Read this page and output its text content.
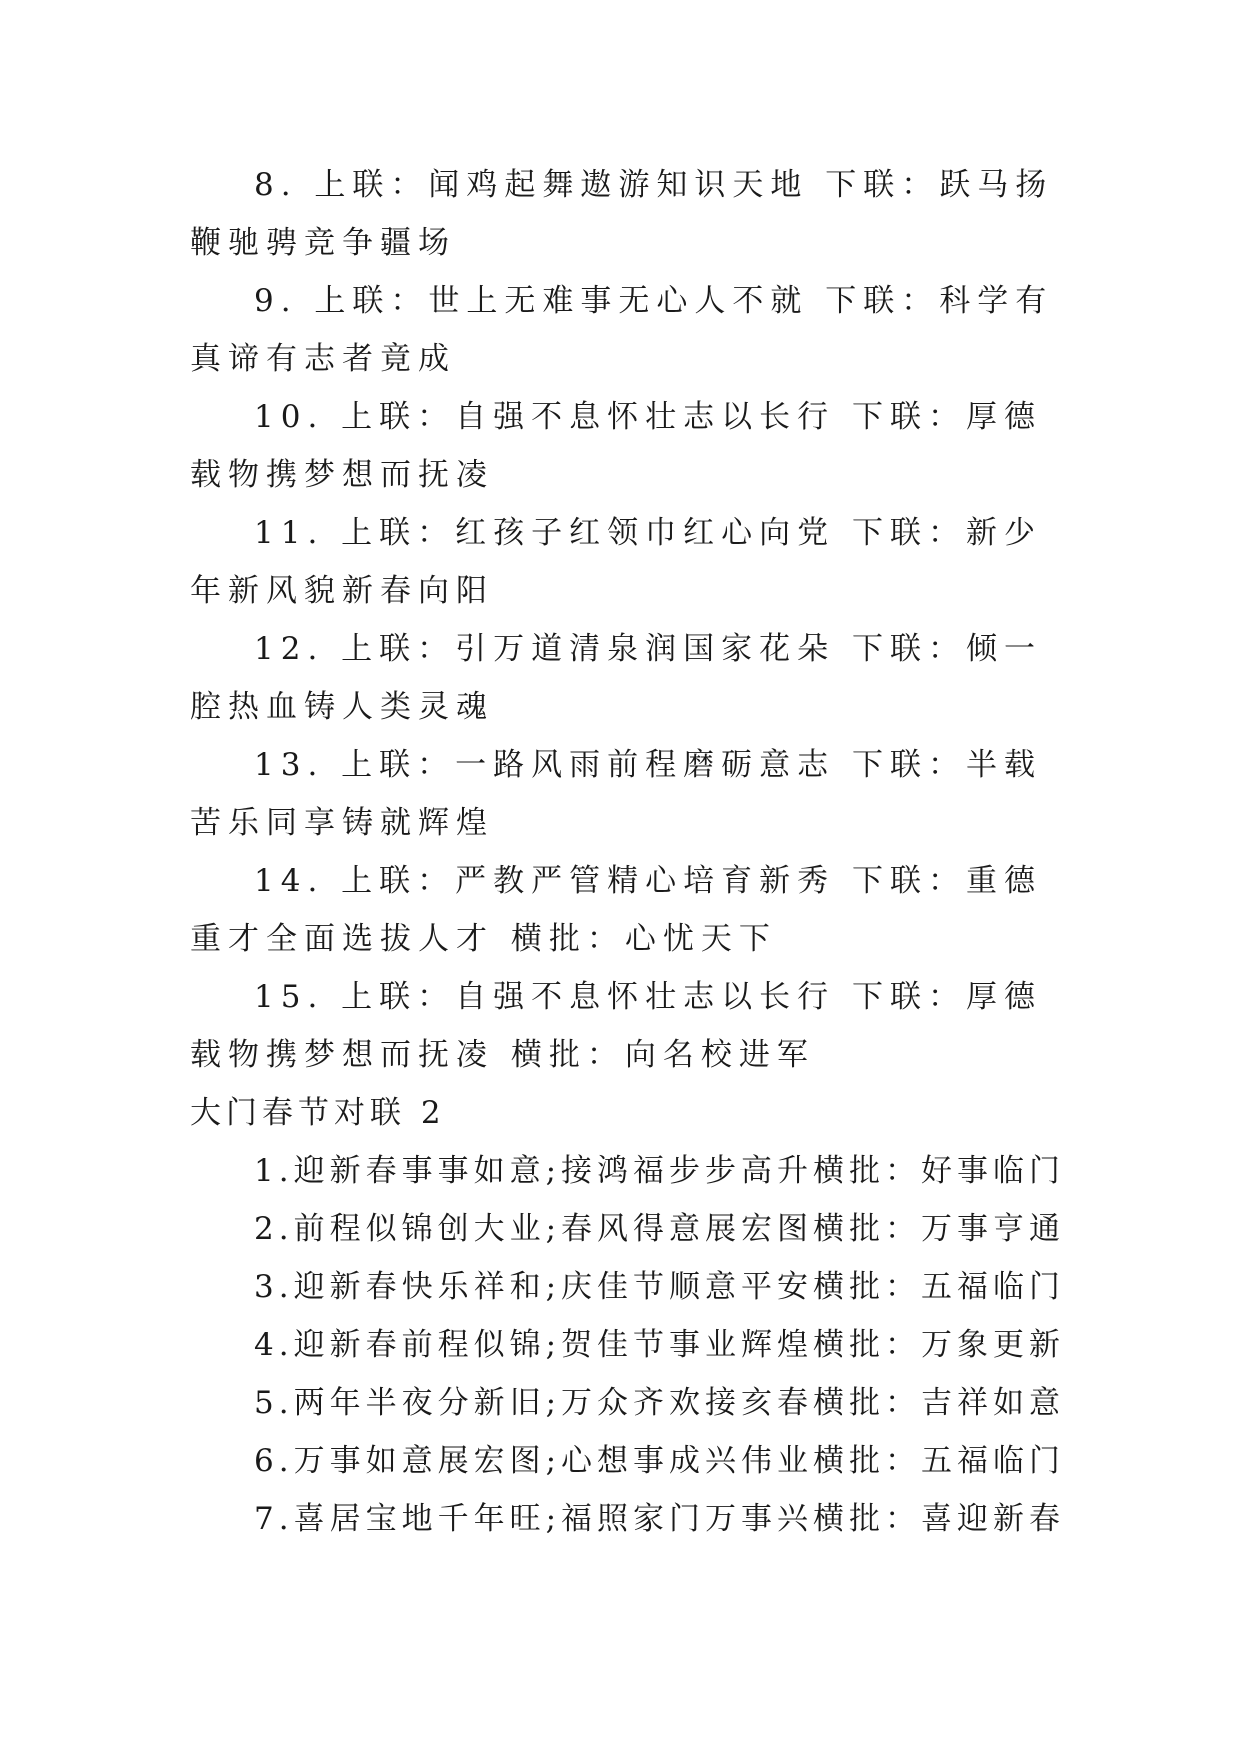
8. 上联：闻鸡起舞遨游知识天地 下联：跃马扬鞭驰骋竞争疆场

9. 上联：世上无难事无心人不就 下联：科学有真谛有志者竟成

10. 上联：自强不息怀壮志以长行 下联：厚德载物携梦想而抚凌

11. 上联：红孩子红领巾红心向党 下联：新少年新风貌新春向阳

12. 上联：引万道清泉润国家花朵 下联：倾一腔热血铸人类灵魂

13. 上联：一路风雨前程磨砺意志 下联：半载苦乐同享铸就辉煌

14. 上联：严教严管精心培育新秀 下联：重德重才全面选拔人才 横批：心忧天下

15. 上联：自强不息怀壮志以长行 下联：厚德载物携梦想而抚凌 横批：向名校进军

大门春节对联 2

1.迎新春事事如意;接鸿福步步高升横批：好事临门

2.前程似锦创大业;春风得意展宏图横批：万事亨通

3.迎新春快乐祥和;庆佳节顺意平安横批：五福临门

4.迎新春前程似锦;贺佳节事业辉煌横批：万象更新

5.两年半夜分新旧;万众齐欢接亥春横批：吉祥如意

6.万事如意展宏图;心想事成兴伟业横批：五福临门

7.喜居宝地千年旺;福照家门万事兴横批：喜迎新春
